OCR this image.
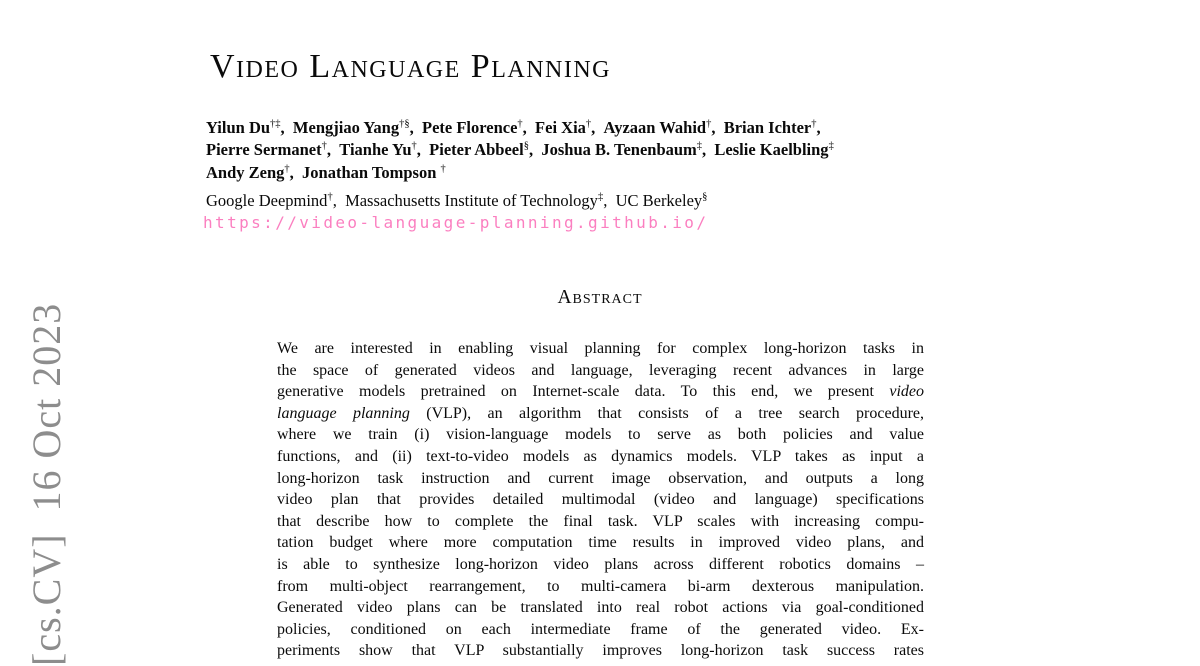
[cs.CV]  16 Oct 2023
Video Language Planning
Yilun Du†‡, Mengjiao Yang†§, Pete Florence†, Fei Xia†, Ayzaan Wahid†, Brian Ichter†,
Pierre Sermanet†, Tianhe Yu†, Pieter Abbeel§, Joshua B. Tenenbaum‡, Leslie Kaelbling‡
Andy Zeng†, Jonathan Tompson †
Google Deepmind†, Massachusetts Institute of Technology‡, UC Berkeley§
https://video-language-planning.github.io/
Abstract
We are interested in enabling visual planning for complex long-horizon tasks in
the space of generated videos and language, leveraging recent advances in large
generative models pretrained on Internet-scale data. To this end, we present video
language planning (VLP), an algorithm that consists of a tree search procedure,
where we train (i) vision-language models to serve as both policies and value
functions, and (ii) text-to-video models as dynamics models. VLP takes as input a
long-horizon task instruction and current image observation, and outputs a long
video plan that provides detailed multimodal (video and language) specifications
that describe how to complete the final task. VLP scales with increasing compu-
tation budget where more computation time results in improved video plans, and
is able to synthesize long-horizon video plans across different robotics domains –
from multi-object rearrangement, to multi-camera bi-arm dexterous manipulation.
Generated video plans can be translated into real robot actions via goal-conditioned
policies, conditioned on each intermediate frame of the generated video. Ex-
periments show that VLP substantially improves long-horizon task success rates
